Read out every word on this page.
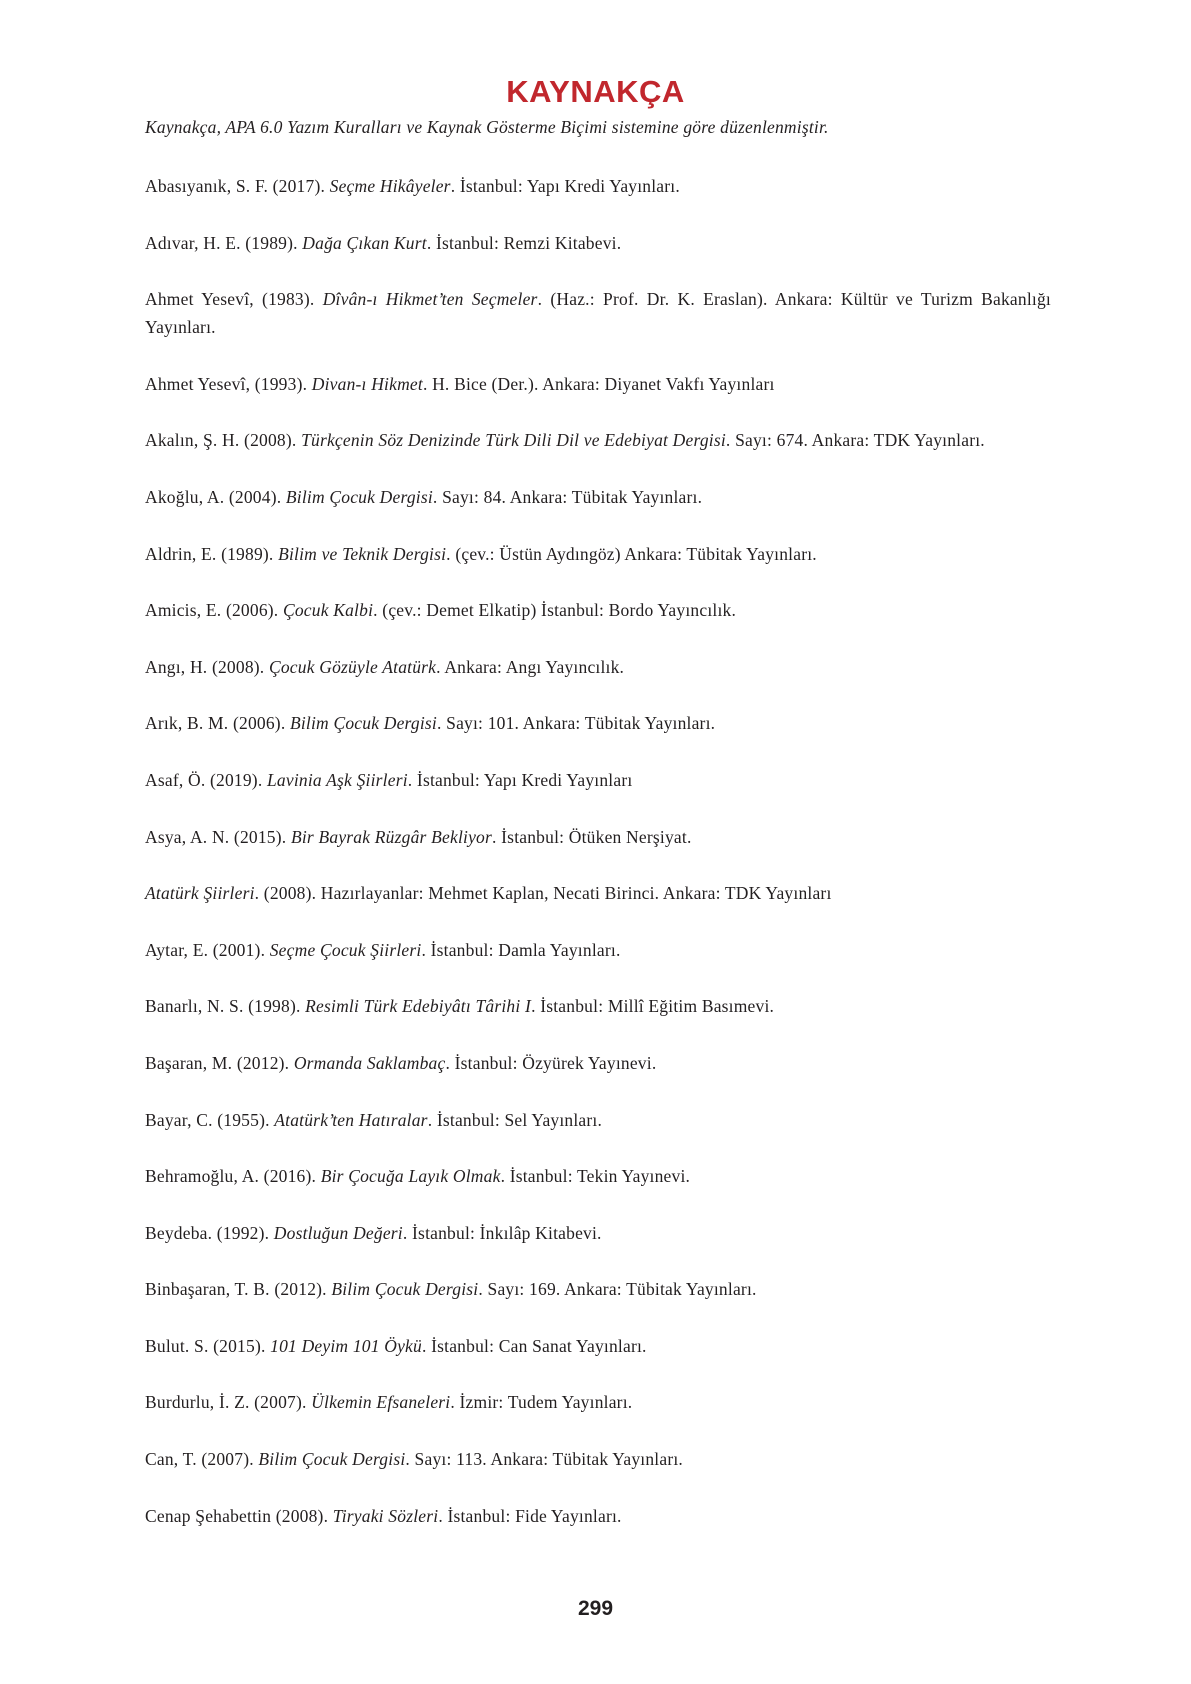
KAYNAKÇA
Kaynakça, APA 6.0 Yazım Kuralları ve Kaynak Gösterme Biçimi sistemine göre düzenlenmiştir.
Abasıyanık, S. F. (2017). Seçme Hikâyeler. İstanbul: Yapı Kredi Yayınları.
Adıvar, H. E. (1989). Dağa Çıkan Kurt. İstanbul: Remzi Kitabevi.
Ahmet Yesevî, (1983). Dîvân-ı Hikmet’ten Seçmeler. (Haz.: Prof. Dr. K. Eraslan). Ankara: Kültür ve Turizm Bakanlığı Yayınları.
Ahmet Yesevî, (1993). Divan-ı Hikmet. H. Bice (Der.). Ankara: Diyanet Vakfı Yayınları
Akalın, Ş. H. (2008). Türkçenin Söz Denizinde Türk Dili Dil ve Edebiyat Dergisi. Sayı: 674. Ankara: TDK Yayınları.
Akoğlu, A. (2004). Bilim Çocuk Dergisi. Sayı: 84. Ankara: Tübitak Yayınları.
Aldrin, E. (1989). Bilim ve Teknik Dergisi. (çev.: Üstün Aydıngöz) Ankara: Tübitak Yayınları.
Amicis, E. (2006). Çocuk Kalbi. (çev.: Demet Elkatip) İstanbul: Bordo Yayıncılık.
Angı, H. (2008). Çocuk Gözüyle Atatürk. Ankara: Angı Yayıncılık.
Arık, B. M. (2006). Bilim Çocuk Dergisi. Sayı: 101. Ankara: Tübitak Yayınları.
Asaf, Ö. (2019). Lavinia Aşk Şiirleri. İstanbul: Yapı Kredi Yayınları
Asya, A. N. (2015). Bir Bayrak Rüzgâr Bekliyor. İstanbul: Ötüken Nerşiyat.
Atatürk Şiirleri. (2008). Hazırlayanlar: Mehmet Kaplan, Necati Birinci. Ankara: TDK Yayınları
Aytar, E. (2001). Seçme Çocuk Şiirleri. İstanbul: Damla Yayınları.
Banarlı, N. S. (1998). Resimli Türk Edebiyâtı Târihi I. İstanbul: Millî Eğitim Basımevi.
Başaran, M. (2012). Ormanda Saklambaç. İstanbul: Özyürek Yayınevi.
Bayar, C. (1955). Atatürk’ten Hatıralar. İstanbul: Sel Yayınları.
Behramoğlu, A. (2016). Bir Çocuğa Layık Olmak. İstanbul: Tekin Yayınevi.
Beydeba. (1992). Dostluğun Değeri. İstanbul: İnkılâp Kitabevi.
Binbaşaran, T. B. (2012). Bilim Çocuk Dergisi. Sayı: 169. Ankara: Tübitak Yayınları.
Bulut. S. (2015). 101 Deyim 101 Öykü. İstanbul: Can Sanat Yayınları.
Burdurlu, İ. Z. (2007). Ülkemin Efsaneleri. İzmir: Tudem Yayınları.
Can, T. (2007). Bilim Çocuk Dergisi. Sayı: 113. Ankara: Tübitak Yayınları.
Cenap Şehabettin (2008). Tiryaki Sözleri. İstanbul: Fide Yayınları.
299
